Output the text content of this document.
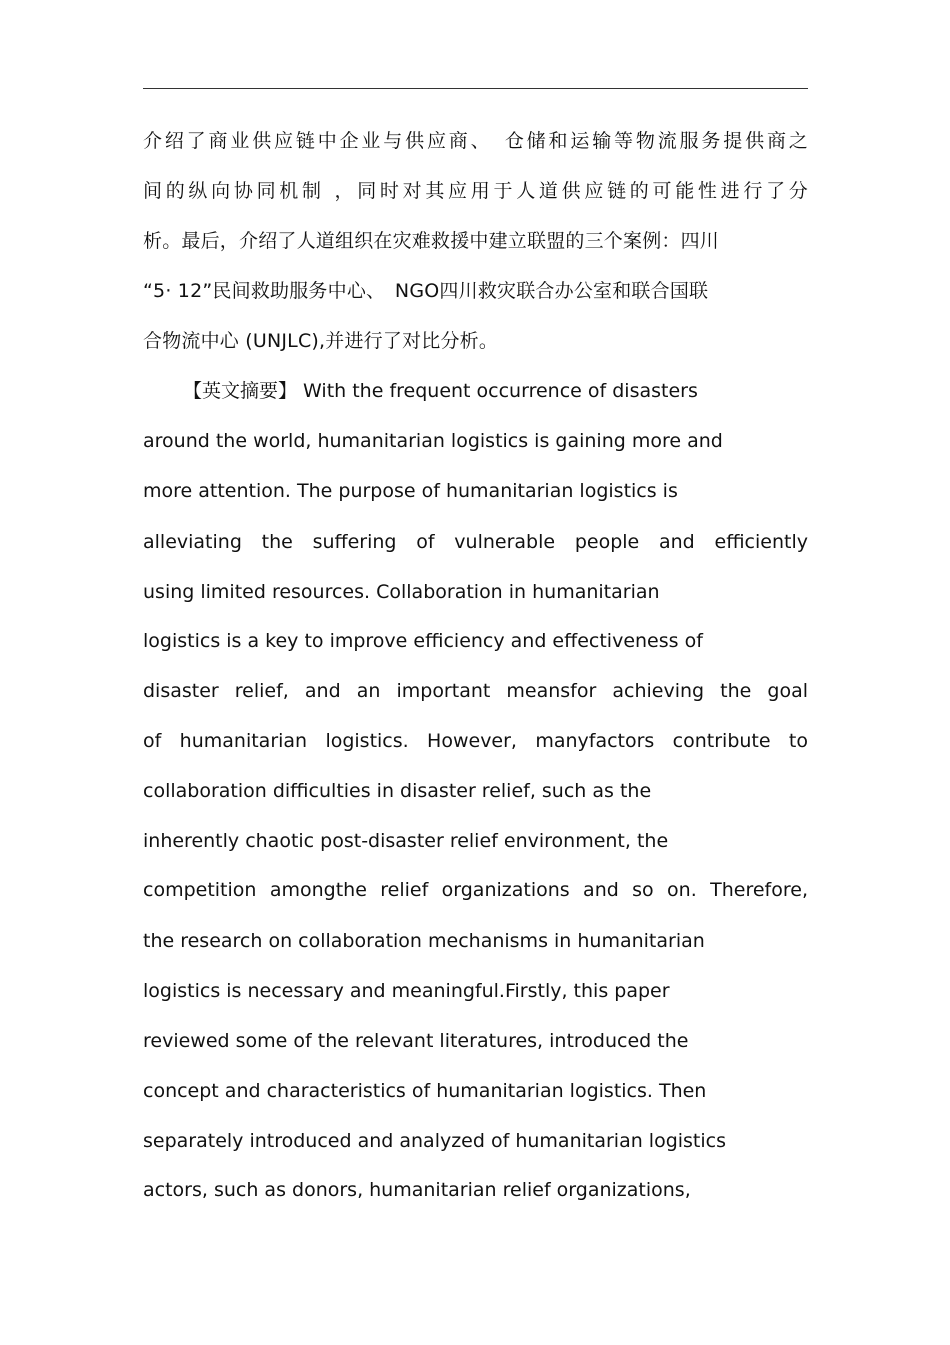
介绍了商业供应链中企业与供应商、　仓储和运输等物流服务提供商之
间的纵向协同机制 ，同时对其应用于人道供应链的可能性进行了分
析。最后，介绍了人道组织在灾难救援中建立联盟的三个案例：四川
“5· 12”民间救助服务中心、　NGO四川救灾联合办公室和联合国联
合物流中心 (UNJLC),并进行了对比分析。
【英文摘要】 With the frequent occurrence of disasters
around the world, humanitarian logistics is gaining more and
more attention. The purpose of humanitarian logistics is
alleviating the suffering of vulnerable people and efficiently
using limited resources. Collaboration in humanitarian
logistics is a key to improve efficiency and effectiveness of
disaster relief, and an important meansfor achieving the goal
of humanitarian logistics. However, manyfactors contribute to
collaboration difficulties in disaster relief, such as the
inherently chaotic post-disaster relief environment, the
competition amongthe relief organizations and so on. Therefore,
the research on collaboration mechanisms in humanitarian
logistics is necessary and meaningful.Firstly, this paper
reviewed some of the relevant literatures, introduced the
concept and characteristics of humanitarian logistics. Then
separately introduced and analyzed of humanitarian logistics
actors, such as donors, humanitarian relief organizations,
